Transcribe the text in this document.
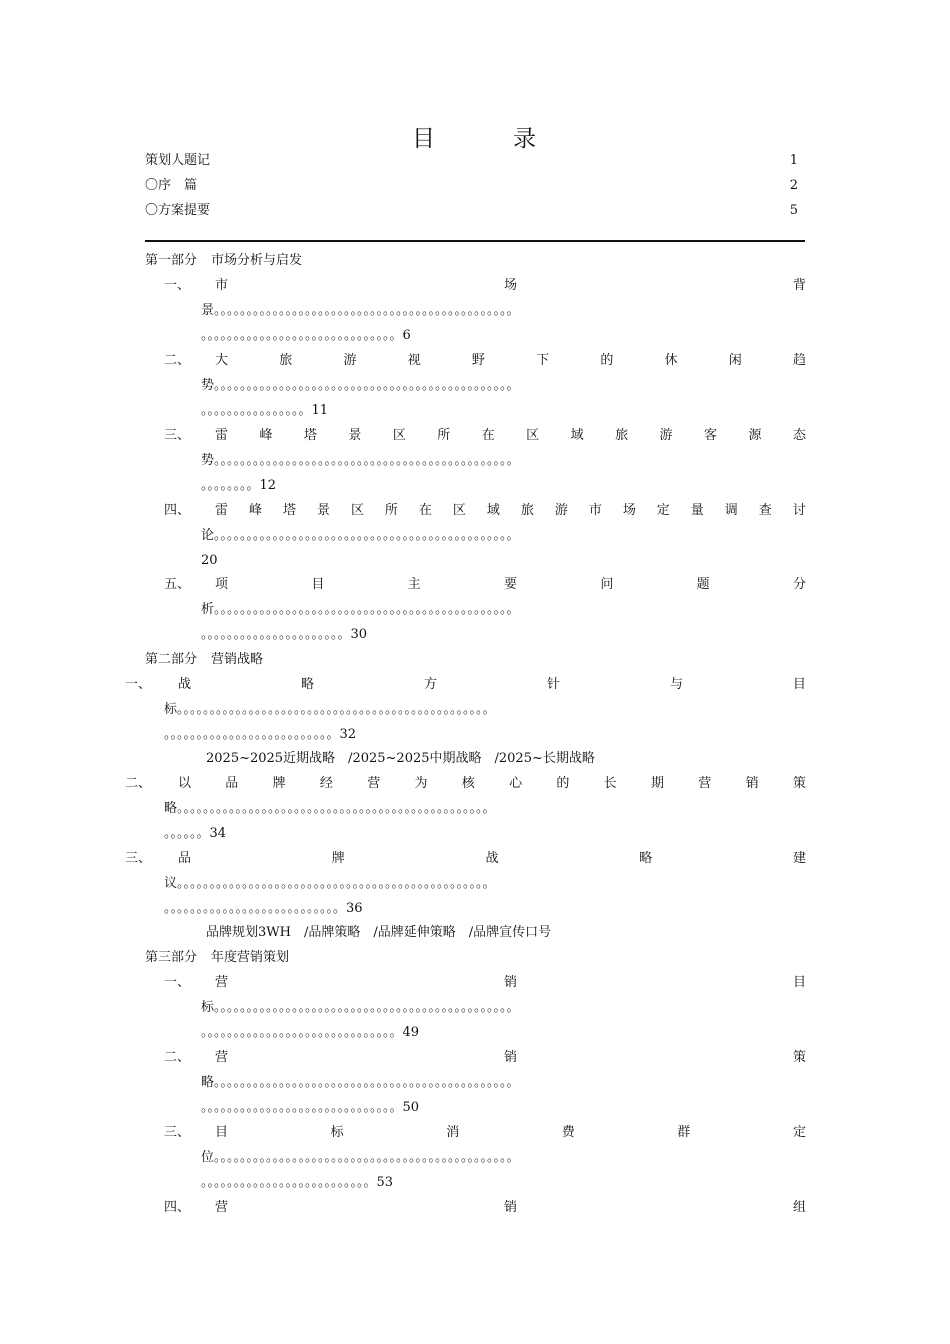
目	录
策划人题记	1
〇序　篇	2
〇方案提要	5
第一部分 市场分析与启发
一、 市	场	背
景。。。。。。。。。。。。。。。。。。。。。。。。。。。。。。。。。。。。。。。。。。。。。。
。。。。。。。。。。。。。。。。。。。。。。。。。。。。。。6
二、 大	旅	游	视	野	下	的	休	闲	趋
势。。。。。。。。。。。。。。。。。。。。。。。。。。。。。。。。。。。。。。。。。。。。。。
。。。。。。。。。。。。。。。。11
三、 雷 峰 塔 景 区 所 在 区 域 旅 游 客 源 态
势。。。。。。。。。。。。。。。。。。。。。。。。。。。。。。。。。。。。。。。。。。。。。。
。。。。。。。。12
四、 雷 峰 塔 景 区 所 在 区 域 旅 游 市 场 定 量 调 查 讨
论。。。。。。。。。。。。。。。。。。。。。。。。。。。。。。。。。。。。。。。。。。。。。。
20
五、 项	目	主	要	问	题	分
析。。。。。。。。。。。。。。。。。。。。。。。。。。。。。。。。。。。。。。。。。。。。。。
。。。。。。。。。。。。。。。。。。。。。。30
第二部分 营销战略
一、 战	略	方	针	与	目
标。。。。。。。。。。。。。。。。。。。。。。。。。。。。。。。。。。。。。。。。。。。。。。。。
。。。。。。。。。。。。。。。。。。。。。。。。。。32
2025~2025近期战略　/2025~2025中期战略　/2025~长期战略
二、 以	品	牌	经	营	为	核	心	的	长	期	营	销	策
略。。。。。。。。。。。。。。。。。。。。。。。。。。。。。。。。。。。。。。。。。。。。。。。。
。。。。。。34
三、 品	牌	战	略	建
议。。。。。。。。。。。。。。。。。。。。。。。。。。。。。。。。。。。。。。。。。。。。。。。。
。。。。。。。。。。。。。。。。。。。。。。。。。。。36
品牌规划3WH　/品牌策略　/品牌延伸策略　/品牌宣传口号
第三部分 年度营销策划
一、 营	销	目
标。。。。。。。。。。。。。。。。。。。。。。。。。。。。。。。。。。。。。。。。。。。。。。
。。。。。。。。。。。。。。。。。。。。。。。。。。。。。。49
二、 营	销	策
略。。。。。。。。。。。。。。。。。。。。。。。。。。。。。。。。。。。。。。。。。。。。。。
。。。。。。。。。。。。。。。。。。。。。。。。。。。。。。50
三、 目	标	消	费	群	定
位。。。。。。。。。。。。。。。。。。。。。。。。。。。。。。。。。。。。。。。。。。。。。。
。。。。。。。。。。。。。。。。。。。。。。。。。。53
四、 营	销	组
